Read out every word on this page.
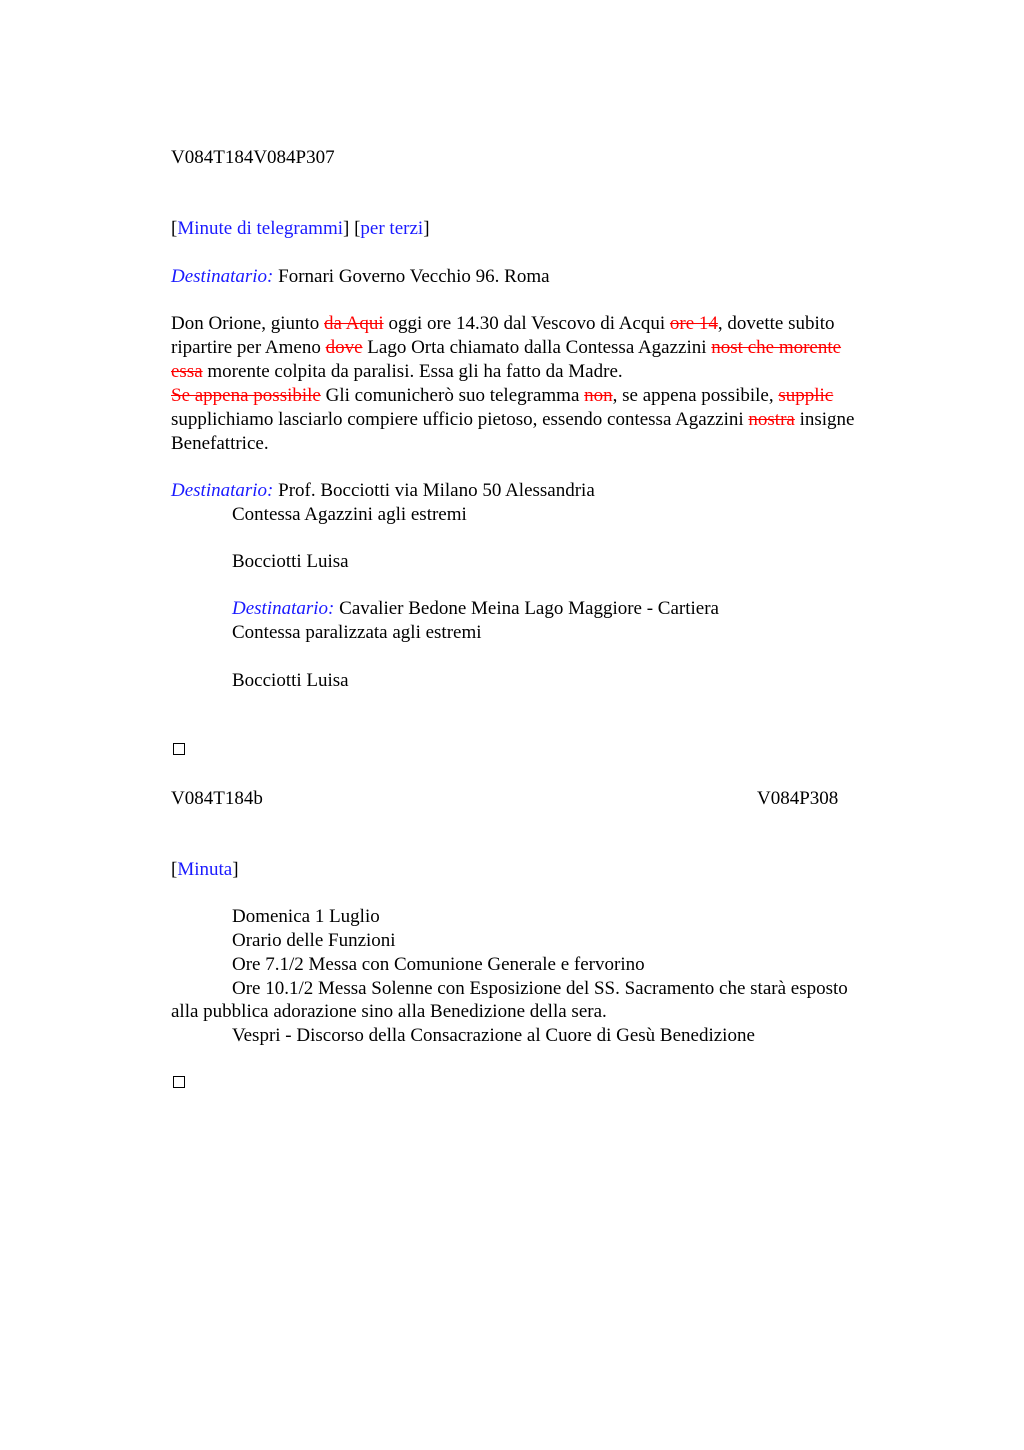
V084T184V084P307
[Minute di telegrammi] [per terzi]
Destinatario: Fornari Governo Vecchio 96. Roma
Don Orione, giunto da Aqui oggi ore 14.30 dal Vescovo di Acqui ore 14, dovette subito
ripartire per Ameno dove Lago Orta chiamato dalla Contessa Agazzini nost che morente
essa morente colpita da paralisi. Essa gli ha fatto da Madre.
Se appena possibile Gli comunicherò suo telegramma non, se appena possibile, supplic
supplichiamo lasciarlo compiere ufficio pietoso, essendo contessa Agazzini nostra insigne
Benefattrice.
Destinatario: Prof. Bocciotti via Milano 50 Alessandria
Contessa Agazzini agli estremi
Bocciotti Luisa
Destinatario: Cavalier Bedone Meina Lago Maggiore - Cartiera
Contessa paralizzata agli estremi
Bocciotti Luisa
V084T184b	V084P308
[Minuta]
Domenica 1 Luglio
Orario delle Funzioni
Ore 7.1/2 Messa con Comunione Generale e fervorino
Ore 10.1/2 Messa Solenne con Esposizione del SS. Sacramento che starà esposto
alla pubblica adorazione sino alla Benedizione della sera.
Vespri - Discorso della Consacrazione al Cuore di Gesù Benedizione
